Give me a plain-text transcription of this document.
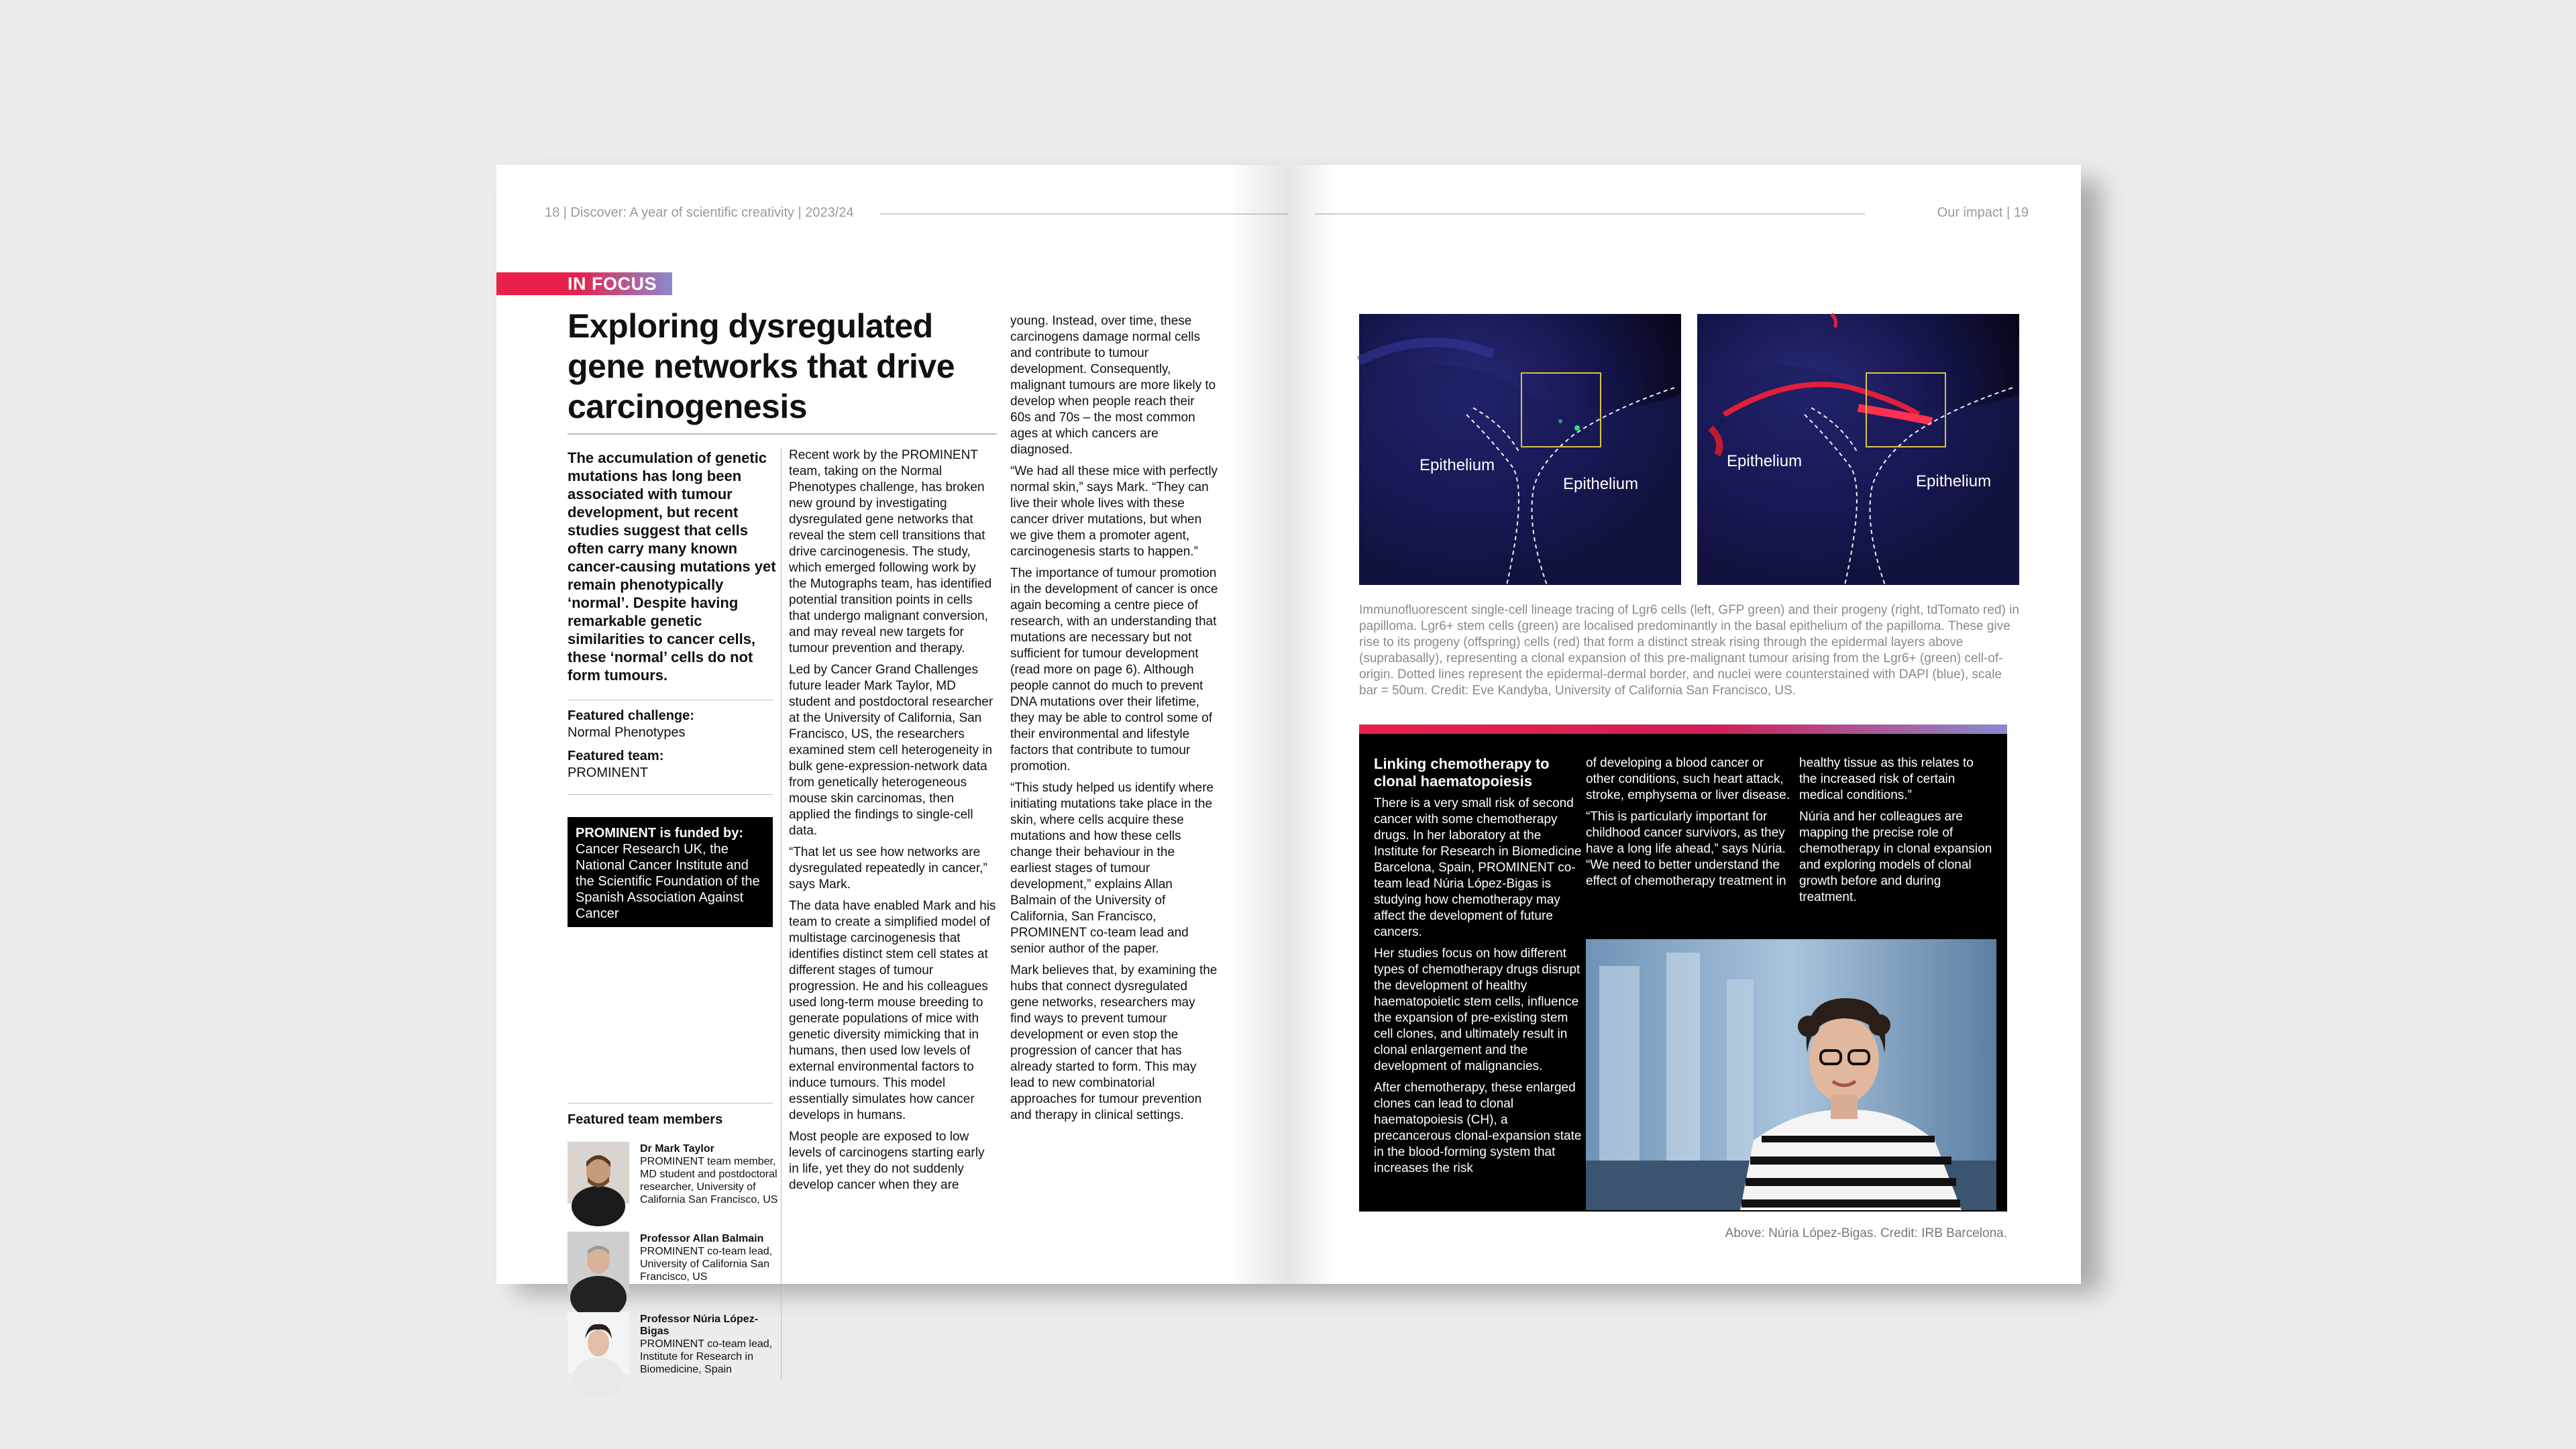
18 | Discover: A year of scientific creativity | 2023/24
IN FOCUS
Exploring dysregulated gene networks that drive carcinogenesis

The accumulation of genetic mutations has long been associated with tumour development, but recent studies suggest that cells often carry many known cancer-causing mutations yet remain phenotypically ‘normal’. Despite having remarkable genetic similarities to cancer cells, these ‘normal’ cells do not form tumours.

Featured challenge:
Normal Phenotypes
Featured team:
PROMINENT
PROMINENT is funded by:
Cancer Research UK, the National Cancer Institute and the Scientific Foundation of the Spanish Association Against Cancer
Featured team members
Dr Mark Taylor
PROMINENT team member, MD student and postdoctoral researcher, University of California San Francisco, US
Professor Allan Balmain
PROMINENT co-team lead, University of California San Francisco, US
Professor Núria López-Bigas
PROMINENT co-team lead, Institute for Research in Biomedicine, Spain

Recent work by the PROMINENT team, taking on the Normal Phenotypes challenge, has broken new ground by investigating dysregulated gene networks that reveal the stem cell transitions that drive carcinogenesis. The study, which emerged following work by the Mutographs team, has identified potential transition points in cells that undergo malignant conversion, and may reveal new targets for tumour prevention and therapy.

Led by Cancer Grand Challenges future leader Mark Taylor, MD student and postdoctoral researcher at the University of California, San Francisco, US, the researchers examined stem cell heterogeneity in bulk gene-expression-network data from genetically heterogeneous mouse skin carcinomas, then applied the findings to single-cell data.

“That let us see how networks are dysregulated repeatedly in cancer,” says Mark.

The data have enabled Mark and his team to create a simplified model of multistage carcinogenesis that identifies distinct stem cell states at different stages of tumour progression. He and his colleagues used long-term mouse breeding to generate populations of mice with genetic diversity mimicking that in humans, then used low levels of external environmental factors to induce tumours. This model essentially simulates how cancer develops in humans.

Most people are exposed to low levels of carcinogens starting early in life, yet they do not suddenly develop cancer when they are

young. Instead, over time, these carcinogens damage normal cells and contribute to tumour development. Consequently, malignant tumours are more likely to develop when people reach their 60s and 70s – the most common ages at which cancers are diagnosed.

“We had all these mice with perfectly normal skin,” says Mark. “They can live their whole lives with these cancer driver mutations, but when we give them a promoter agent, carcinogenesis starts to happen.”

The importance of tumour promotion in the development of cancer is once again becoming a centre piece of research, with an understanding that mutations are necessary but not sufficient for tumour development (read more on page 6). Although people cannot do much to prevent DNA mutations over their lifetime, they may be able to control some of their environmental and lifestyle factors that contribute to tumour promotion.

“This study helped us identify where initiating mutations take place in the skin, where cells acquire these mutations and how these cells change their behaviour in the earliest stages of tumour development,” explains Allan Balmain of the University of California, San Francisco, PROMINENT co-team lead and senior author of the paper.

Mark believes that, by examining the hubs that connect dysregulated gene networks, researchers may find ways to prevent tumour development or even stop the progression of cancer that has already started to form. This may lead to new combinatorial approaches for tumour prevention and therapy in clinical settings.

Our impact | 19
Epithelium
Epithelium
Epithelium
Epithelium

Immunofluorescent single-cell lineage tracing of Lgr6 cells (left, GFP green) and their progeny (right, tdTomato red) in papilloma. Lgr6+ stem cells (green) are localised predominantly in the basal epithelium of the papilloma. These give rise to its progeny (offspring) cells (red) that form a distinct streak rising through the epidermal layers above (suprabasally), representing a clonal expansion of this pre-malignant tumour arising from the Lgr6+ (green) cell-of-origin. Dotted lines represent the epidermal-dermal border, and nuclei were counterstained with DAPI (blue), scale bar = 50um. Credit: Eve Kandyba, University of California San Francisco, US.

Linking chemotherapy to clonal haematopoiesis

There is a very small risk of second cancer with some chemotherapy drugs. In her laboratory at the Institute for Research in Biomedicine Barcelona, Spain, PROMINENT co-team lead Núria López-Bigas is studying how chemotherapy may affect the development of future cancers.

Her studies focus on how different types of chemotherapy drugs disrupt the development of healthy haematopoietic stem cells, influence the expansion of pre-existing stem cell clones, and ultimately result in clonal enlargement and the development of malignancies.

After chemotherapy, these enlarged clones can lead to clonal haematopoiesis (CH), a precancerous clonal-expansion state in the blood-forming system that increases the risk

of developing a blood cancer or other conditions, such heart attack, stroke, emphysema or liver disease.

“This is particularly important for childhood cancer survivors, as they have a long life ahead,” says Núria. “We need to better understand the effect of chemotherapy treatment in

healthy tissue as this relates to the increased risk of certain medical conditions.”

Núria and her colleagues are mapping the precise role of chemotherapy in clonal expansion and exploring models of clonal growth before and during treatment.

Above: Núria López-Bigas. Credit: IRB Barcelona.
